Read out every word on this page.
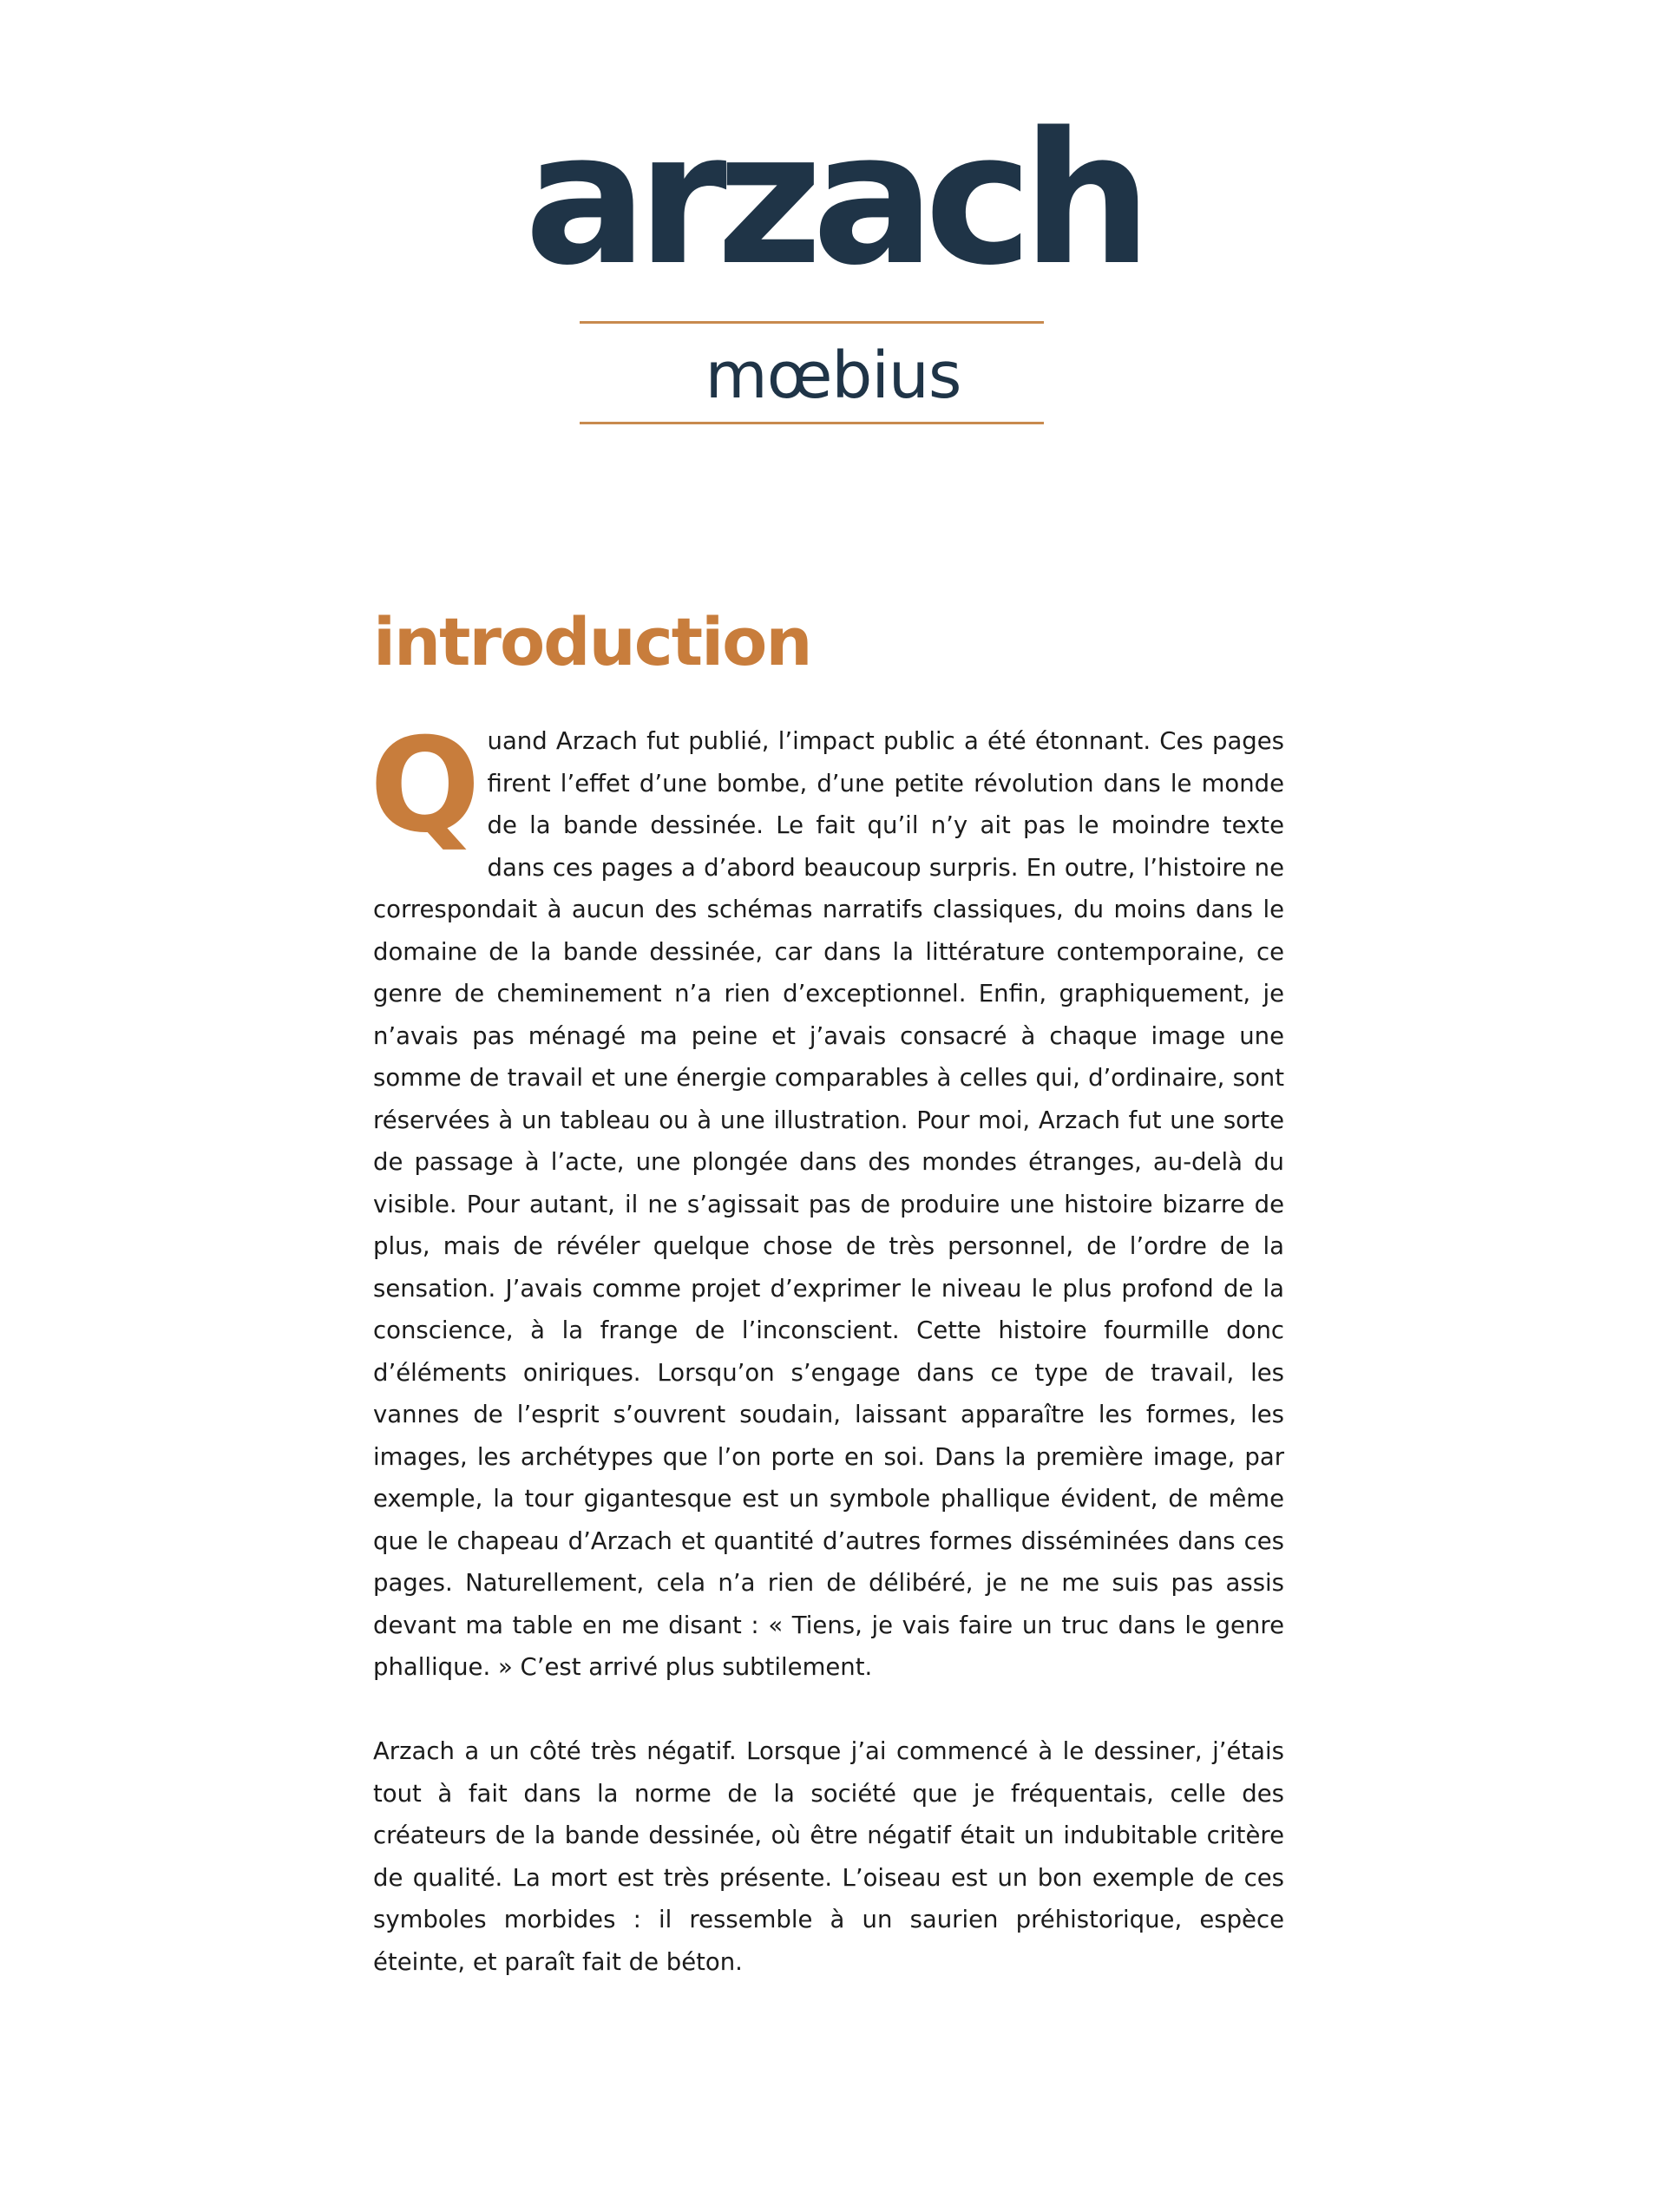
arzach
mœbius
introduction

Quand Arzach fut publié, l’impact public a été étonnant. Ces pages firent l’effet d’une bombe, d’une petite révolution dans le monde de la bande dessinée. Le fait qu’il n’y ait pas le moindre texte dans ces pages a d’abord beaucoup surpris. En outre, l’histoire ne correspondait à aucun des schémas narratifs classiques, du moins dans le domaine de la bande dessinée, car dans la littérature contemporaine, ce genre de cheminement n’a rien d’exceptionnel. Enfin, graphiquement, je n’avais pas ménagé ma peine et j’avais consacré à chaque image une somme de travail et une énergie comparables à celles qui, d’ordinaire, sont réservées à un tableau ou à une illustration. Pour moi, Arzach fut une sorte de passage à l’acte, une plongée dans des mondes étranges, au-delà du visible. Pour autant, il ne s’agissait pas de produire une histoire bizarre de plus, mais de révéler quelque chose de très personnel, de l’ordre de la sensation. J’avais comme projet d’exprimer le niveau le plus profond de la conscience, à la frange de l’inconscient. Cette histoire fourmille donc d’éléments oniriques. Lorsqu’on s’engage dans ce type de travail, les vannes de l’esprit s’ouvrent soudain, laissant apparaître les formes, les images, les archétypes que l’on porte en soi. Dans la première image, par exemple, la tour gigantesque est un symbole phallique évident, de même que le chapeau d’Arzach et quantité d’autres formes disséminées dans ces pages. Naturellement, cela n’a rien de délibéré, je ne me suis pas assis devant ma table en me disant : « Tiens, je vais faire un truc dans le genre phallique. » C’est arrivé plus subtilement.

Arzach a un côté très négatif. Lorsque j’ai commencé à le dessiner, j’étais tout à fait dans la norme de la société que je fréquentais, celle des créateurs de la bande dessinée, où être négatif était un indubitable critère de qualité. La mort est très présente. L’oiseau est un bon exemple de ces symboles morbides : il ressemble à un saurien préhistorique, espèce éteinte, et paraît fait de béton.
